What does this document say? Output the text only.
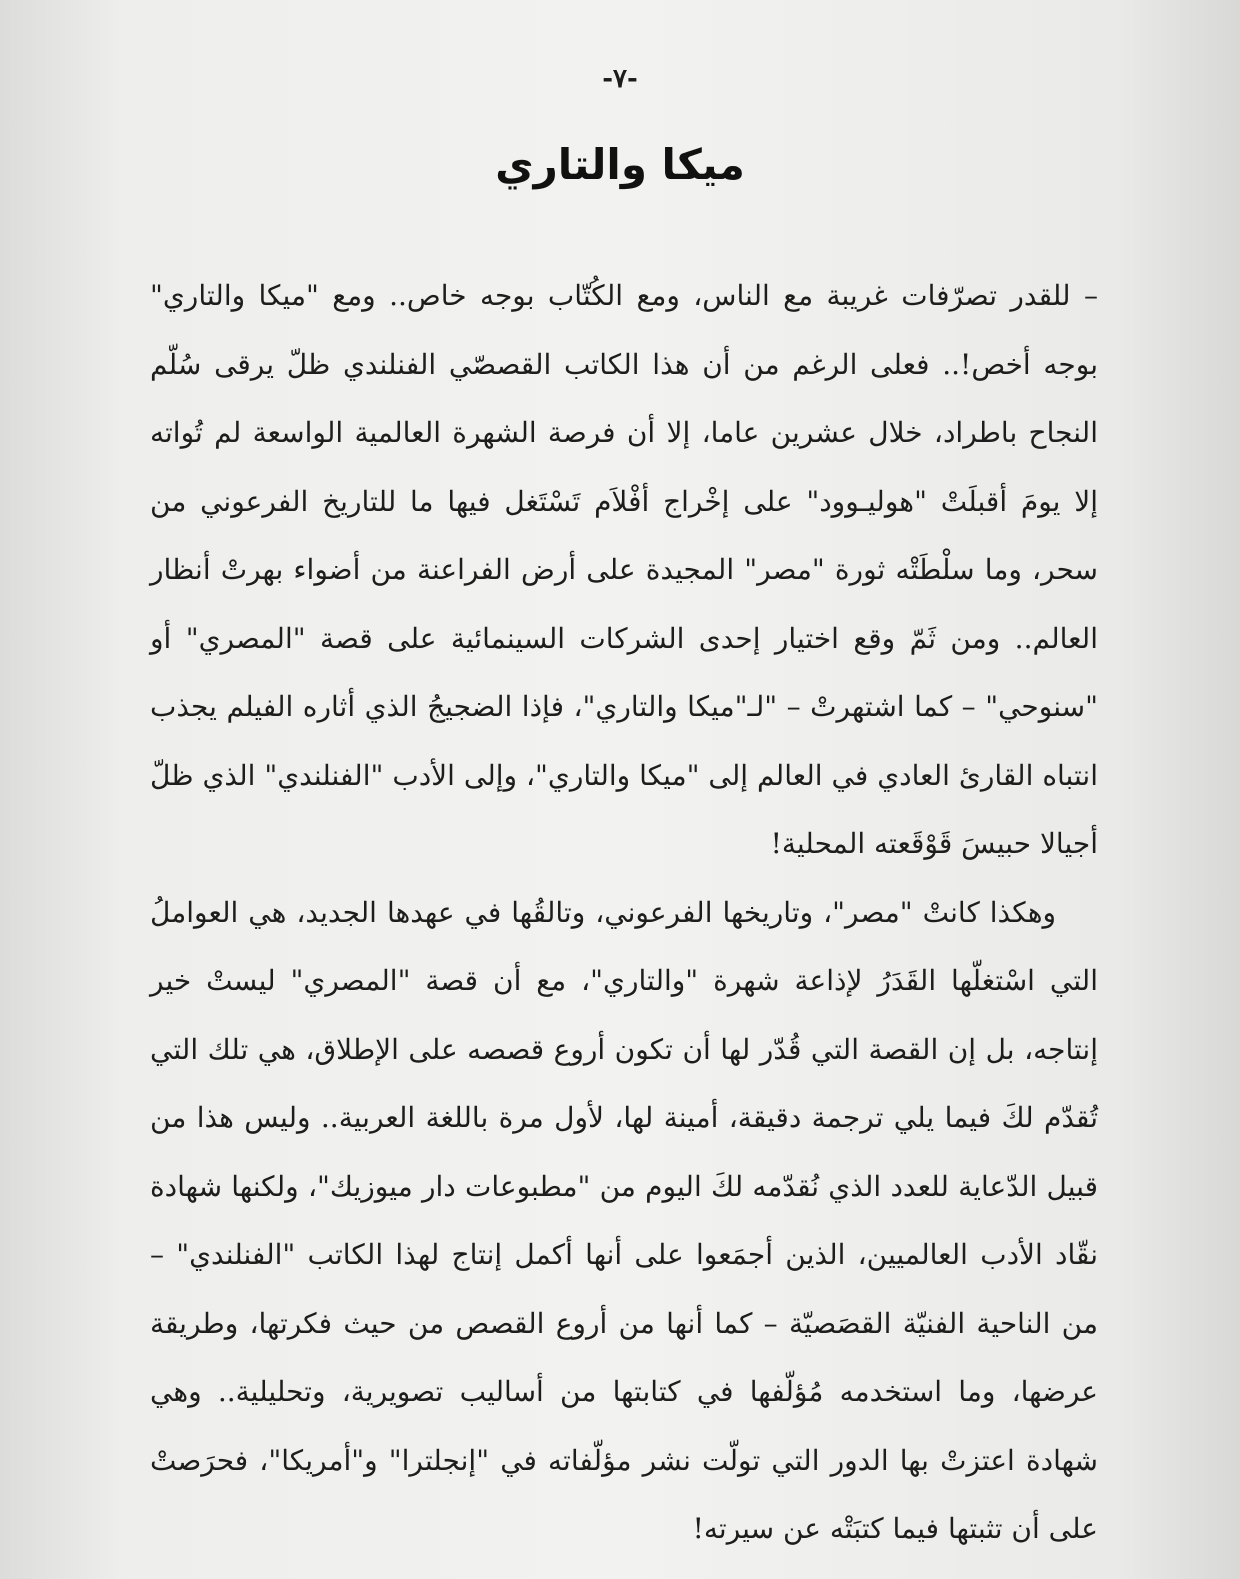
-٧-
ميكا والتاري

– للقدر تصرّفات غريبة مع الناس، ومع الكُتّاب بوجه خاص.. ومع "ميكا والتاري" بوجه أخص!.. فعلى الرغم من أن هذا الكاتب القصصّي الفنلندي ظلّ يرقى سُلّم النجاح باطراد، خلال عشرين عاما، إلا أن فرصة الشهرة العالمية الواسعة لم تُواته إلا يومَ أقبلَتْ "هوليـوود" على إخْراج أفْلاَم تَسْتَغل فيها ما للتاريخ الفرعوني من سحر، وما سلْطَتْه ثورة "مصر" المجيدة على أرض الفراعنة من أضواء بهرتْ أنظار العالم.. ومن ثَمّ وقع اختيار إحدى الشركات السينمائية على قصة "المصري" أو "سنوحي" – كما اشتهرتْ – "لـ"ميكا والتاري"، فإذا الضجيجُ الذي أثاره الفيلم يجذب انتباه القارئ العادي في العالم إلى "ميكا والتاري"، وإلى الأدب "الفنلندي" الذي ظلّ أجيالا حبيسَ قَوْقَعته المحلية!

وهكذا كانتْ "مصر"، وتاريخها الفرعوني، وتالقُها في عهدها الجديد، هي العواملُ التي اسْتغلّها القَدَرُ لإذاعة شهرة "والتاري"، مع أن قصة "المصري" ليستْ خير إنتاجه، بل إن القصة التي قُدّر لها أن تكون أروع قصصه على الإطلاق، هي تلك التي تُقدّم لكَ فيما يلي ترجمة دقيقة، أمينة لها، لأول مرة باللغة العربية.. وليس هذا من قبيل الدّعاية للعدد الذي نُقدّمه لكَ اليوم من "مطبوعات دار ميوزيك"، ولكنها شهادة نقّاد الأدب العالميين، الذين أجمَعوا على أنها أكمل إنتاج لهذا الكاتب "الفنلندي" – من الناحية الفنيّة القصَصيّة – كما أنها من أروع القصص من حيث فكرتها، وطريقة عرضها، وما استخدمه مُؤلّفها في كتابتها من أساليب تصويرية، وتحليلية.. وهي شهادة اعتزتْ بها الدور التي تولّت نشر مؤلّفاته في "إنجلترا" و"أمريكا"، فحرَصتْ على أن تثبتها فيما كتبَتْه عن سيرته!
